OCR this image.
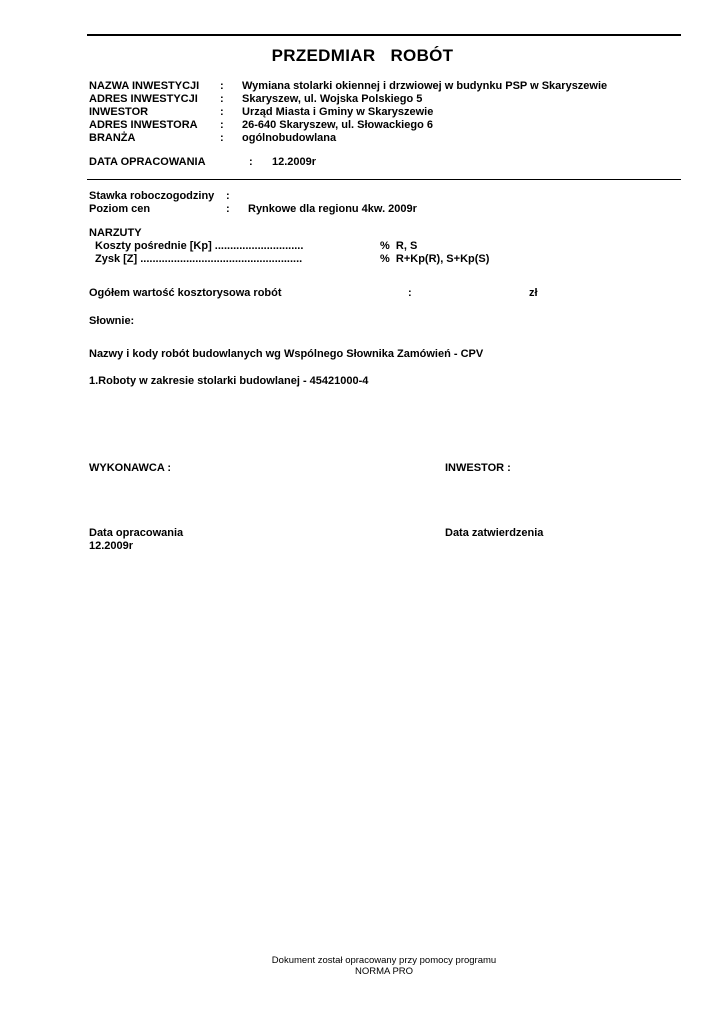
PRZEDMIAR   ROBÓT
NAZWA INWESTYCJI : Wymiana stolarki okiennej i drzwiowej w budynku PSP w Skaryszewie
ADRES INWESTYCJI : Skaryszew, ul. Wojska Polskiego 5
INWESTOR	: Urząd Miasta i Gminy w Skaryszewie
ADRES INWESTORA : 26-640 Skaryszew, ul. Słowackiego 6
BRANŻA	: ogólnobudowlana
DATA OPRACOWANIA	: 12.2009r
Stawka roboczogodziny :
Poziom cen	: Rynkowe dla regionu 4kw. 2009r
NARZUTY
Koszty pośrednie [Kp] .............................	%  R, S
Zysk [Z] .....................................................	%  R+Kp(R), S+Kp(S)
Ogółem wartość kosztorysowa robót	:	zł
Słownie:
Nazwy i kody robót budowlanych wg Wspólnego Słownika Zamówień - CPV
1.Roboty w zakresie stolarki budowlanej - 45421000-4
WYKONAWCA :	INWESTOR :
Data opracowania
12.2009r
Data zatwierdzenia
Dokument został opracowany przy pomocy programu
NORMA PRO
